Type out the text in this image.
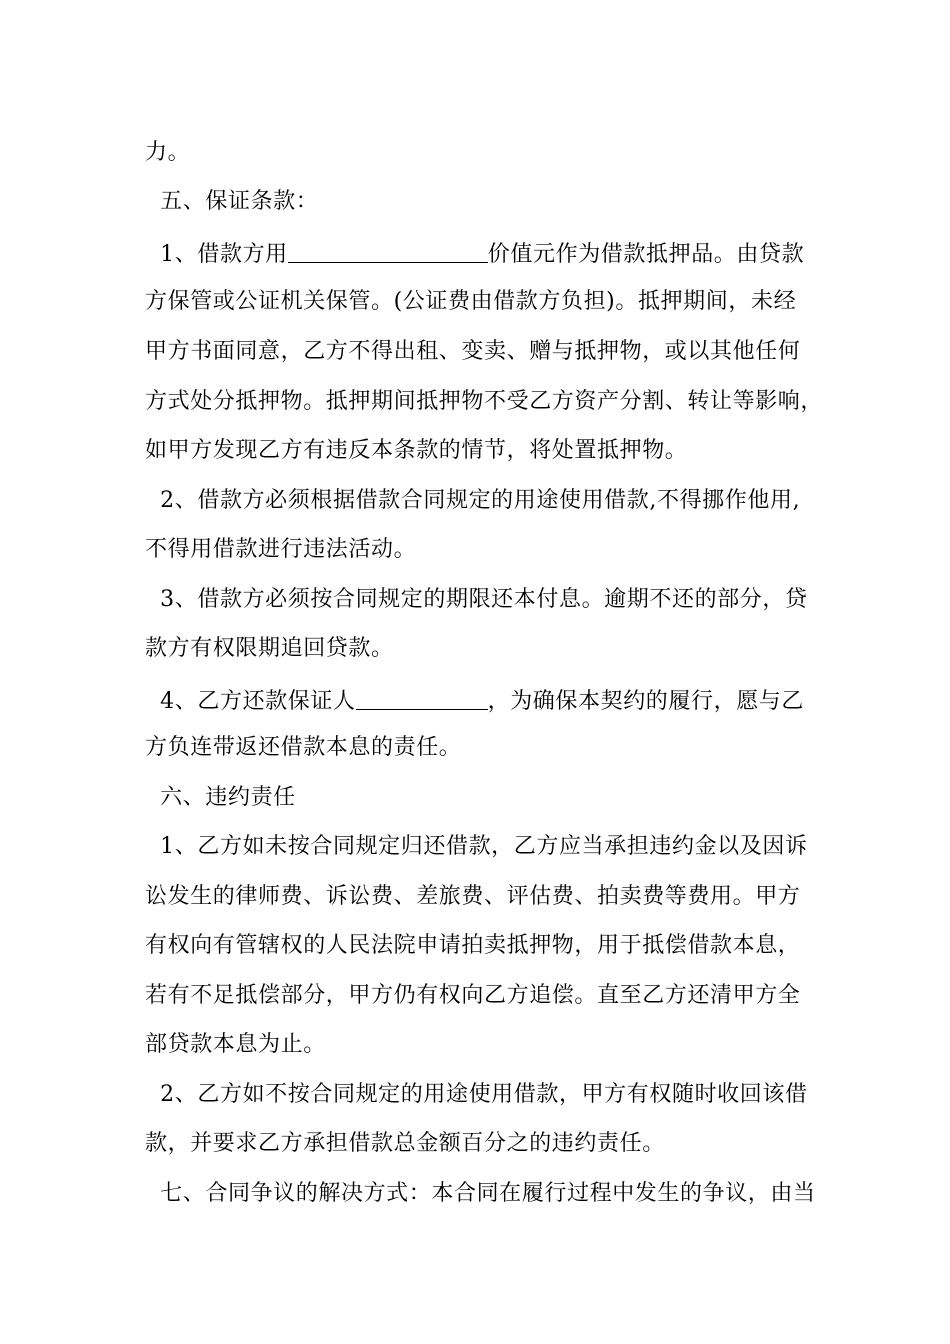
力。
五、保证条款：
1、借款方用	价值元作为借款抵押品。由贷款
方保管或公证机关保管。(公证费由借款方负担)。抵押期间，未经
甲方书面同意，乙方不得出租、变卖、赠与抵押物，或以其他任何
方式处分抵押物。抵押期间抵押物不受乙方资产分割、转让等影响，
如甲方发现乙方有违反本条款的情节，将处置抵押物。
2、借款方必须根据借款合同规定的用途使用借款,不得挪作他用,
不得用借款进行违法活动。
3、借款方必须按合同规定的期限还本付息。逾期不还的部分，贷
款方有权限期追回贷款。
4、乙方还款保证人	，为确保本契约的履行，愿与乙
方负连带返还借款本息的责任。
六、违约责任
1、乙方如未按合同规定归还借款，乙方应当承担违约金以及因诉
讼发生的律师费、诉讼费、差旅费、评估费、拍卖费等费用。甲方
有权向有管辖权的人民法院申请拍卖抵押物，用于抵偿借款本息，
若有不足抵偿部分，甲方仍有权向乙方追偿。直至乙方还清甲方全
部贷款本息为止。
2、乙方如不按合同规定的用途使用借款，甲方有权随时收回该借
款，并要求乙方承担借款总金额百分之的违约责任。
七、合同争议的解决方式：本合同在履行过程中发生的争议，由当
